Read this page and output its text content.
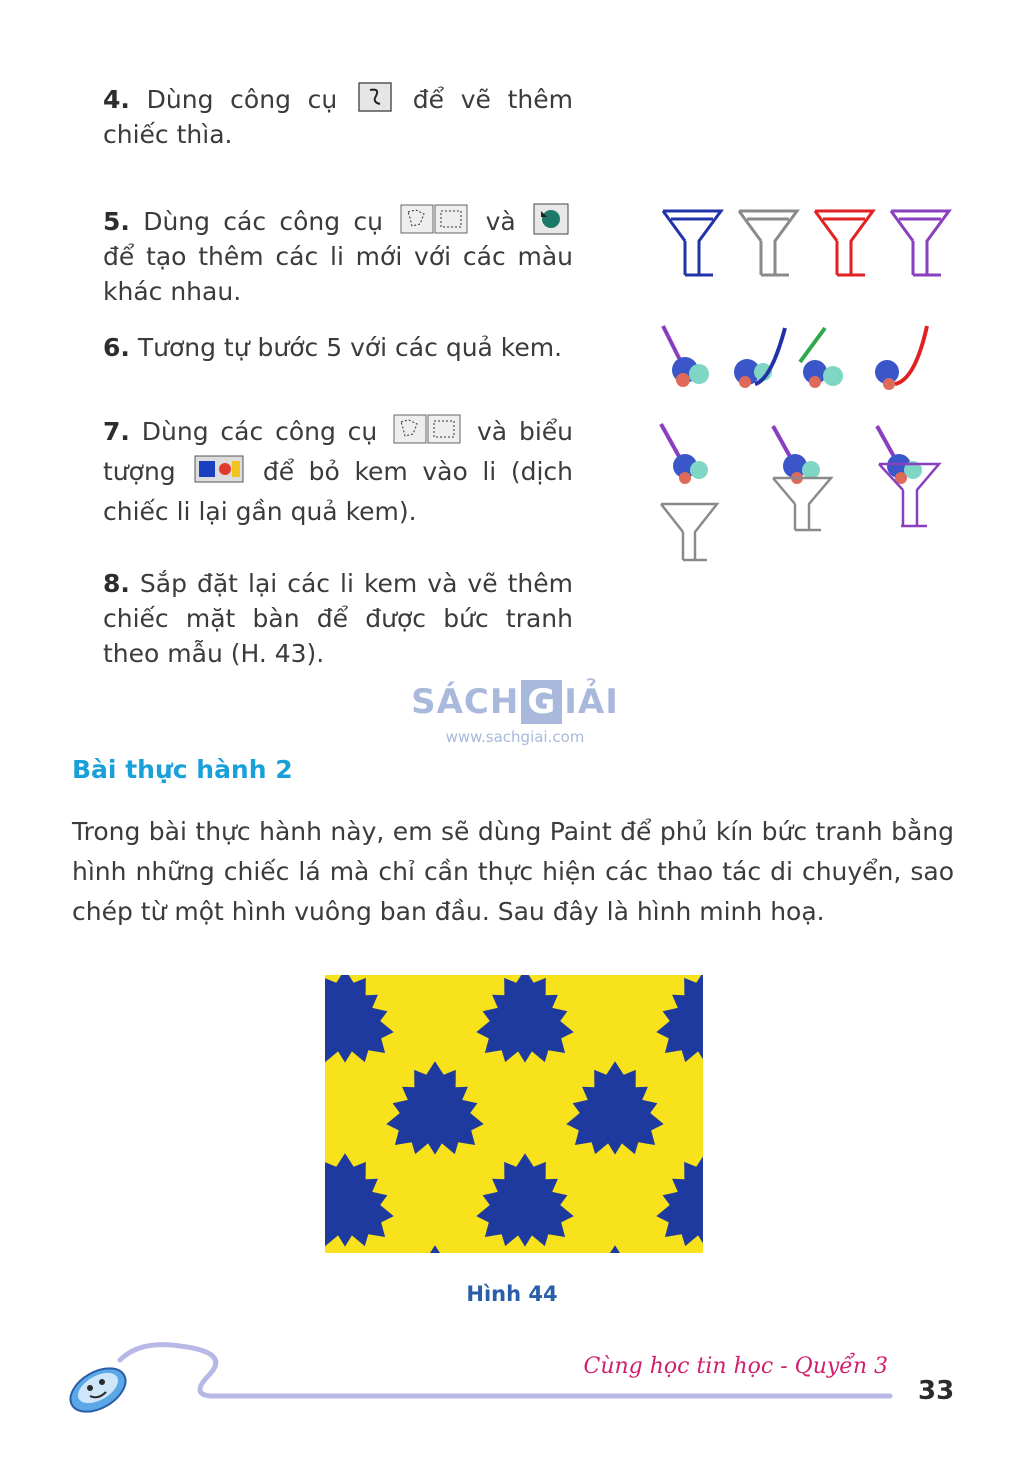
4. Dùng công cụ	để vẽ thêm chiếc thìa.

5. Dùng các công cụ	và  để tạo thêm các li mới với các màu khác nhau.

6. Tương tự bước 5 với các quả kem.

7. Dùng các công cụ	và biểu tượng	để bỏ kem vào li (dịch chiếc li lại gần quả kem).

8. Sắp đặt lại các li kem và vẽ thêm chiếc mặt bàn để được bức tranh theo mẫu (H. 43).

SÁCH G IẢI
www.sachgiai.com
Bài thực hành 2

Trong bài thực hành này, em sẽ dùng Paint để phủ kín bức tranh bằng hình những chiếc lá mà chỉ cần thực hiện các thao tác di chuyển, sao chép từ một hình vuông ban đầu. Sau đây là hình minh hoạ.

Hình 44
Cùng học tin học - Quyển 3
33
